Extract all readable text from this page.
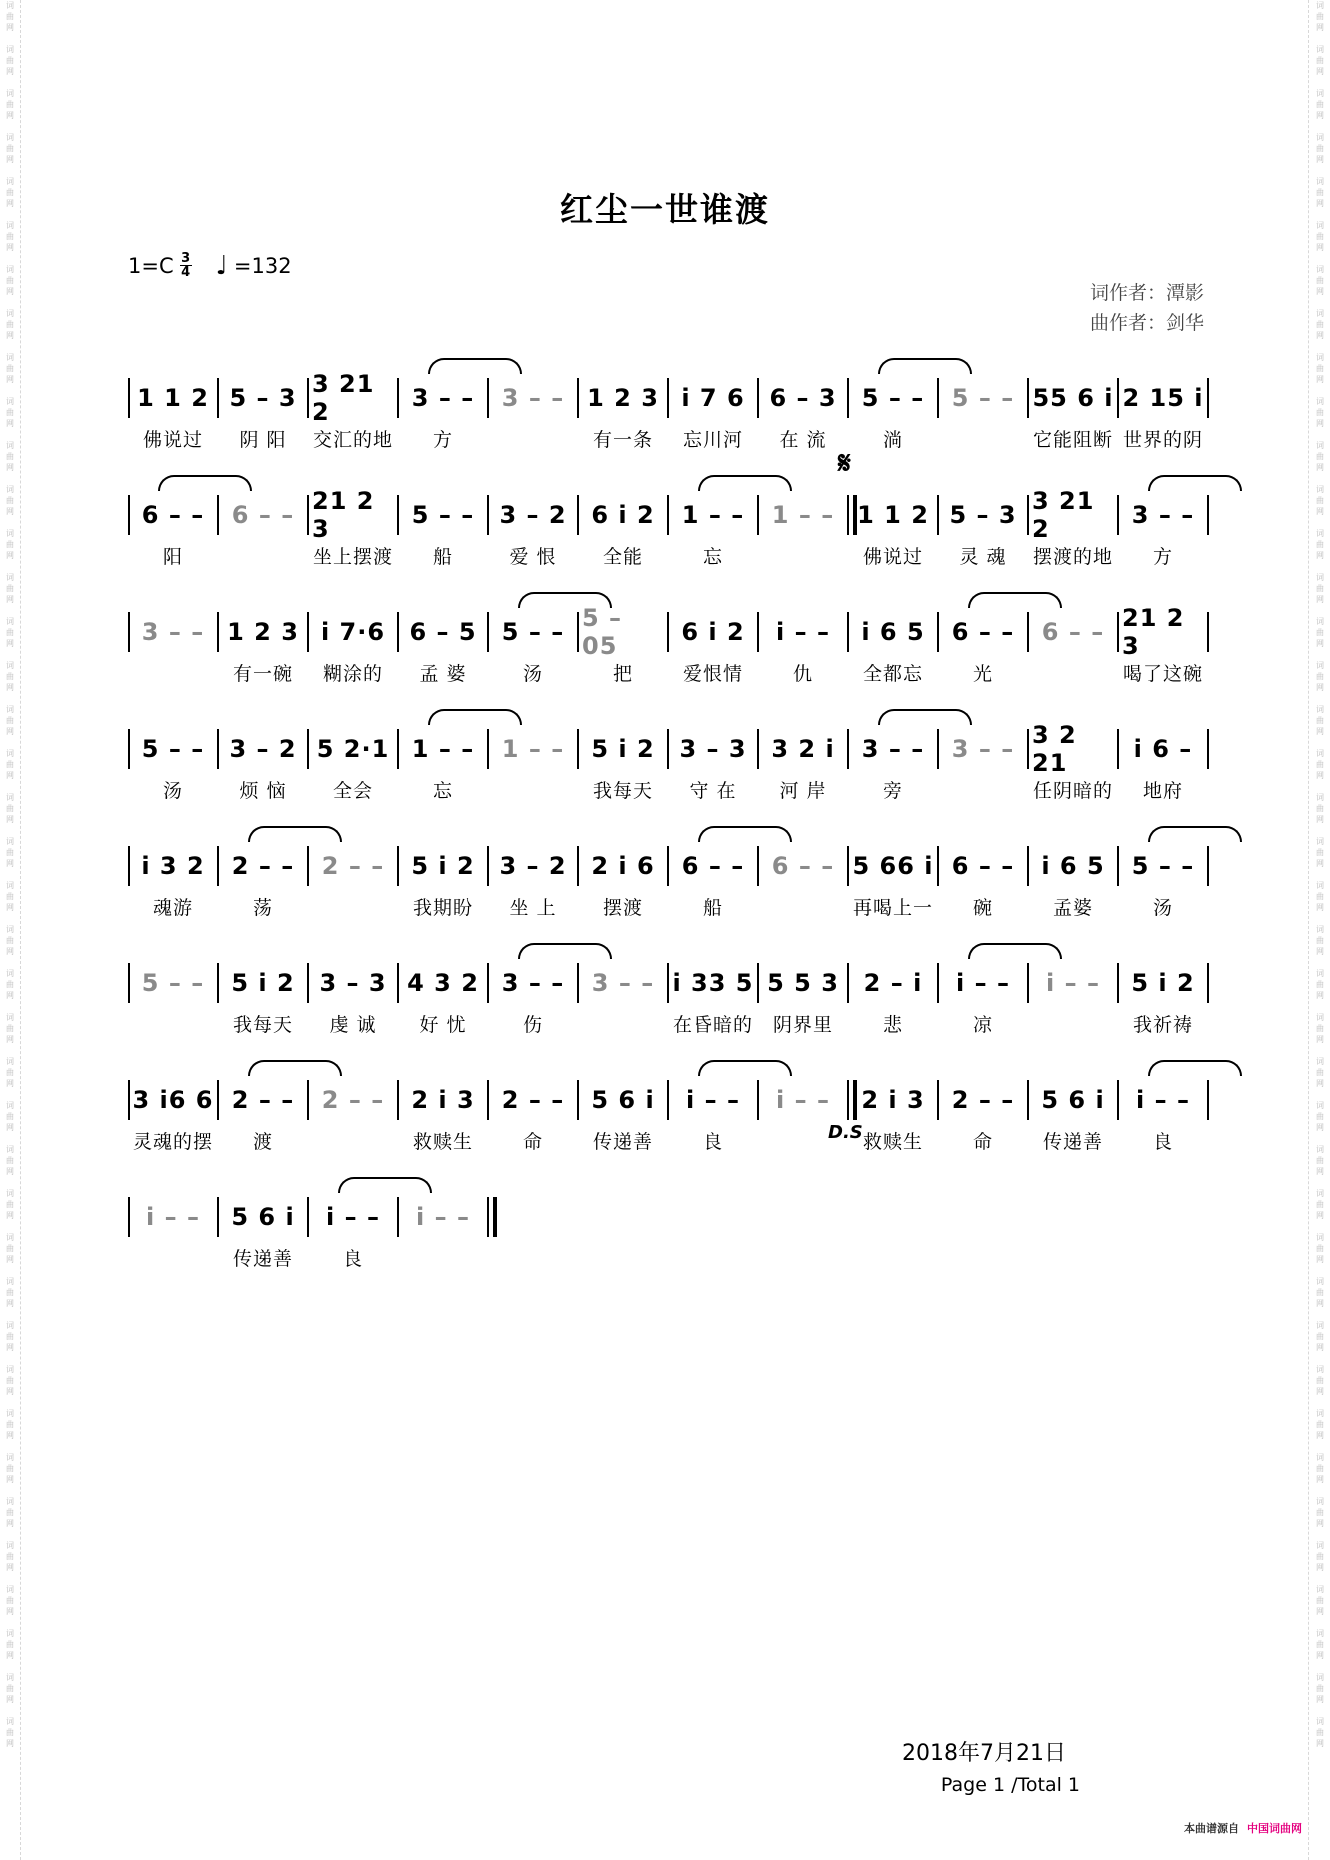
词
曲
网

词
曲
网

词
曲
网

词
曲
网

词
曲
网

词
曲
网

词
曲
网

词
曲
网

词
曲
网

词
曲
网

词
曲
网

词
曲
网

词
曲
网

词
曲
网

词
曲
网

词
曲
网

词
曲
网

词
曲
网

词
曲
网

词
曲
网

词
曲
网

词
曲
网

词
曲
网

词
曲
网

词
曲
网

词
曲
网

词
曲
网

词
曲
网

词
曲
网

词
曲
网

词
曲
网

词
曲
网

词
曲
网

词
曲
网

词
曲
网

词
曲
网

词
曲
网

词
曲
网

词
曲
网

词
曲
网
词
曲
网

词
曲
网

词
曲
网

词
曲
网

词
曲
网

词
曲
网

词
曲
网

词
曲
网

词
曲
网

词
曲
网

词
曲
网

词
曲
网

词
曲
网

词
曲
网

词
曲
网

词
曲
网

词
曲
网

词
曲
网

词
曲
网

词
曲
网

词
曲
网

词
曲
网

词
曲
网

词
曲
网

词
曲
网

词
曲
网

词
曲
网

词
曲
网

词
曲
网

词
曲
网

词
曲
网

词
曲
网

词
曲
网

词
曲
网

词
曲
网

词
曲
网

词
曲
网

词
曲
网

词
曲
网

词
曲
网
红尘一世谁渡
$1=C \frac{3}{4}$ ♩ =132
词作者：潭影
曲作者：剑华
1 1 2
佛说过
5 – 3
阴 阳
3 21 2
交汇的地
3 – –
方
3 – – 1 2 3
有一条
i 7 6
忘川河
6 – 3
在 流
5 – –
淌
5 – – 55 6 i
它能阻断
2 15 i
世界的阴
6 – –
阳
6 – – 21 2 3
坐上摆渡
5 – –
船
3 – 2
爱 恨
6 i 2
全能
1 – –
忘
1 – – 1 1 2
佛说过
5 – 3
灵 魂
3 21 2
摆渡的地
3 – –
方
3 – – 1 2 3
有一碗
i 7·6
糊涂的
6 – 5
孟 婆
5 – –
汤
5 – 05
把
6 i 2
爱恨情
i – –
仇
i 6 5
全都忘
6 – –
光
6 – – 21 2 3
喝了这碗
5 – –
汤
3 – 2
烦 恼
5 2·1
全会
1 – –
忘
1 – –	5 i 2
我每天
3 – 3
守 在
3 2 i
河 岸
3 – –
旁
3 – – 3 2 21
任阴暗的
i 6 –
地府
i 3 2
魂游
2 – –
荡
2 – –	5 i 2
我期盼
3 – 2
坐 上
2 i 6
摆渡
6 – –
船
6 – – 5 66 i
再喝上一
6 – –
碗
i 6 5
孟婆
5 – –
汤
5 – –	5 i 2
我每天
3 – 3
虔 诚
4 3 2
好 忧
3 – –
伤
3 – – i 33 5
在昏暗的
5 5 3
阴界里
2 – i
悲
i – –
凉
i – –	5 i 2
我祈祷
3 i6 6
灵魂的摆
2 – –
渡
2 – –	2 i 3
救赎生
2 – –
命
5 6 i
传递善
i – –
良
i – –	2 i 3
救赎生
2 – –
命
5 6 i
传递善
i – –
良
i – –	5 6 i
传递善
i – –
良
i – –
𝄋
D.S
2018年7月21日
Page 1 /Total 1
本曲谱源自 中国词曲网
